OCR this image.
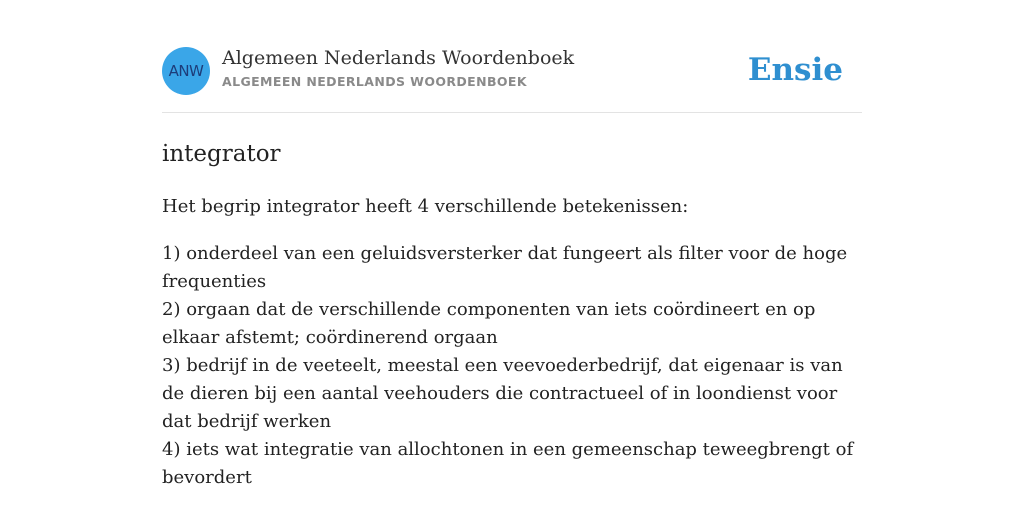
ANW
Algemeen Nederlands Woordenboek
ALGEMEEN NEDERLANDS WOORDENBOEK	Ensie
integrator

Het begrip integrator heeft 4 verschillende betekenissen:

1) onderdeel van een geluidsversterker dat fungeert als filter voor de hoge frequenties
2) orgaan dat de verschillende componenten van iets coördineert en op elkaar afstemt; coördinerend orgaan
3) bedrijf in de veeteelt, meestal een veevoederbedrijf, dat eigenaar is van de dieren bij een aantal veehouders die contractueel of in loondienst voor dat bedrijf werken
4) iets wat integratie van allochtonen in een gemeenschap teweegbrengt of bevordert
